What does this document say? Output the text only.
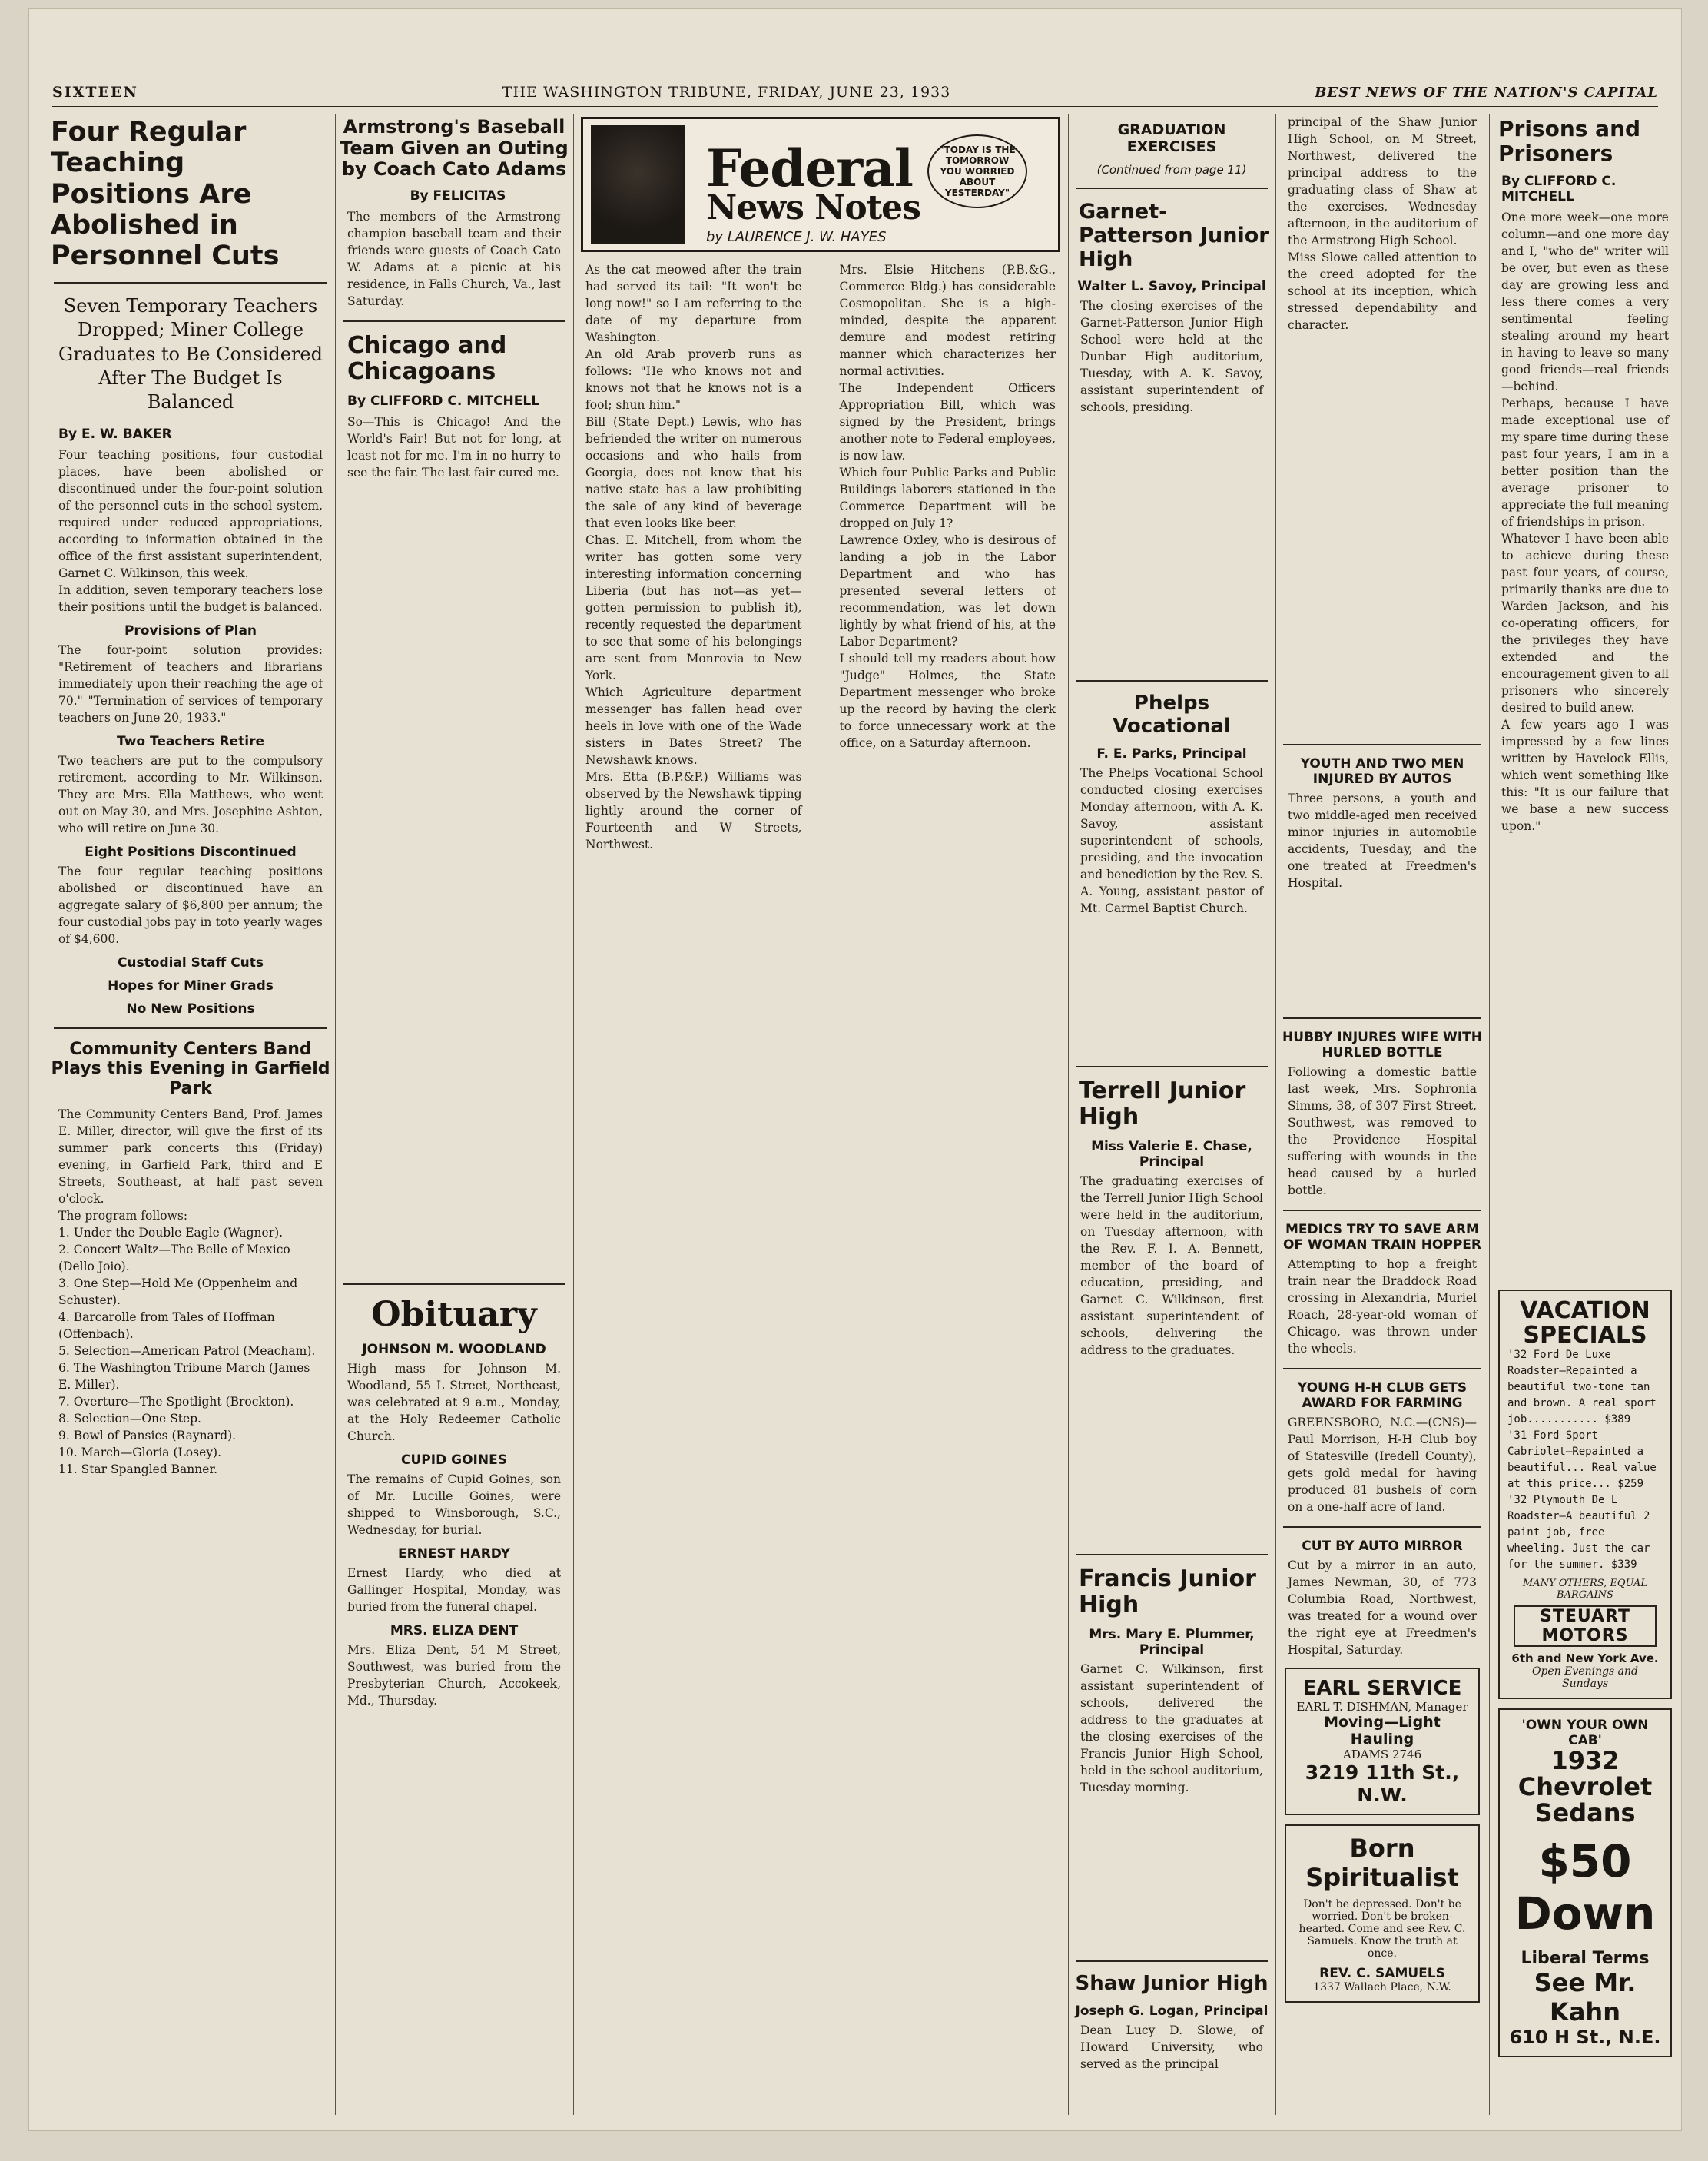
SIXTEEN	THE WASHINGTON TRIBUNE, FRIDAY, JUNE 23, 1933	BEST NEWS OF THE NATION'S CAPITAL
Four Regular Teaching Positions Are Abolished in Personnel Cuts
Seven Temporary Teachers Dropped; Miner College Graduates to Be Considered After The Budget Is Balanced
By E. W. BAKER

Four teaching positions, four custodial places, have been abolished or discontinued under the four-point solution of the personnel cuts in the school system, required under reduced appropriations, according to information obtained in the office of the first assistant superintendent, Garnet C. Wilkinson, this week.

In addition, seven temporary teachers lose their positions until the budget is balanced.

Provisions of Plan

The four-point solution provides: "Retirement of teachers and librarians immediately upon their reaching the age of 70." "Termination of services of temporary teachers on June 20, 1933."

Two Teachers Retire

Two teachers are put to the compulsory retirement, according to Mr. Wilkinson. They are Mrs. Ella Matthews, who went out on May 30, and Mrs. Josephine Ashton, who will retire on June 30.

Eight Positions Discontinued

The four regular teaching positions abolished or discontinued have an aggregate salary of $6,800 per annum; the four custodial jobs pay in toto yearly wages of $4,600.

Custodial Staff Cuts
Hopes for Miner Grads
No New Positions
Community Centers Band Plays this Evening in Garfield Park

The Community Centers Band, Prof. James E. Miller, director, will give the first of its summer park concerts this (Friday) evening, in Garfield Park, third and E Streets, Southeast, at half past seven o'clock.

The program follows:

1. Under the Double Eagle (Wagner).
2. Concert Waltz—The Belle of Mexico (Dello Joio).
3. One Step—Hold Me (Oppenheim and Schuster).
4. Barcarolle from Tales of Hoffman (Offenbach).
5. Selection—American Patrol (Meacham).
6. The Washington Tribune March (James E. Miller).
7. Overture—The Spotlight (Brockton).
8. Selection—One Step.
9. Bowl of Pansies (Raynard).
10. March—Gloria (Losey).
11. Star Spangled Banner.
Armstrong's Baseball Team Given an Outing by Coach Cato Adams
By FELICITAS

The members of the Armstrong champion baseball team and their friends were guests of Coach Cato W. Adams at a picnic at his residence, in Falls Church, Va., last Saturday.

Chicago and Chicagoans
By CLIFFORD C. MITCHELL

So—This is Chicago! And the World's Fair! But not for long, at least not for me. I'm in no hurry to see the fair. The last fair cured me.

Obituary
JOHNSON M. WOODLAND

High mass for Johnson M. Woodland, 55 L Street, Northeast, was celebrated at 9 a.m., Monday, at the Holy Redeemer Catholic Church.

CUPID GOINES

The remains of Cupid Goines, son of Mr. Lucille Goines, were shipped to Winsborough, S.C., Wednesday, for burial.

ERNEST HARDY

Ernest Hardy, who died at Gallinger Hospital, Monday, was buried from the funeral chapel.

MRS. ELIZA DENT

Mrs. Eliza Dent, 54 M Street, Southwest, was buried from the Presbyterian Church, Accokeek, Md., Thursday.

Federal
News Notes
"TODAY IS THE TOMORROW YOU WORRIED ABOUT YESTERDAY"
by LAURENCE J. W. HAYES

As the cat meowed after the train had served its tail: "It won't be long now!" so I am referring to the date of my departure from Washington.

An old Arab proverb runs as follows: "He who knows not and knows not that he knows not is a fool; shun him."

Bill (State Dept.) Lewis, who has befriended the writer on numerous occasions and who hails from Georgia, does not know that his native state has a law prohibiting the sale of any kind of beverage that even looks like beer.

Chas. E. Mitchell, from whom the writer has gotten some very interesting information concerning Liberia (but has not—as yet—gotten permission to publish it), recently requested the department to see that some of his belongings are sent from Monrovia to New York.

Which Agriculture department messenger has fallen head over heels in love with one of the Wade sisters in Bates Street? The Newshawk knows.

Mrs. Etta (B.P.&P.) Williams was observed by the Newshawk tipping lightly around the corner of Fourteenth and W Streets, Northwest.

Mrs. Elsie Hitchens (P.B.&G., Commerce Bldg.) has considerable Cosmopolitan. She is a high-minded, despite the apparent demure and modest retiring manner which characterizes her normal activities.

The Independent Officers Appropriation Bill, which was signed by the President, brings another note to Federal employees, is now law.

Which four Public Parks and Public Buildings laborers stationed in the Commerce Department will be dropped on July 1?

Lawrence Oxley, who is desirous of landing a job in the Labor Department and who has presented several letters of recommendation, was let down lightly by what friend of his, at the Labor Department?

I should tell my readers about how "Judge" Holmes, the State Department messenger who broke up the record by having the clerk to force unnecessary work at the office, on a Saturday afternoon.

GRADUATION EXERCISES
(Continued from page 11)
Garnet-Patterson Junior High
Walter L. Savoy, Principal

The closing exercises of the Garnet-Patterson Junior High School were held at the Dunbar High auditorium, Tuesday, with A. K. Savoy, assistant superintendent of schools, presiding.

Phelps Vocational
F. E. Parks, Principal

The Phelps Vocational School conducted closing exercises Monday afternoon, with A. K. Savoy, assistant superintendent of schools, presiding, and the invocation and benediction by the Rev. S. A. Young, assistant pastor of Mt. Carmel Baptist Church.

Terrell Junior High
Miss Valerie E. Chase, Principal

The graduating exercises of the Terrell Junior High School were held in the auditorium, on Tuesday afternoon, with the Rev. F. I. A. Bennett, member of the board of education, presiding, and Garnet C. Wilkinson, first assistant superintendent of schools, delivering the address to the graduates.

Francis Junior High
Mrs. Mary E. Plummer, Principal

Garnet C. Wilkinson, first assistant superintendent of schools, delivered the address to the graduates at the closing exercises of the Francis Junior High School, held in the school auditorium, Tuesday morning.

Shaw Junior High
Joseph G. Logan, Principal

Dean Lucy D. Slowe, of Howard University, who served as the principal

principal of the Shaw Junior High School, on M Street, Northwest, delivered the principal address to the graduating class of Shaw at the exercises, Wednesday afternoon, in the auditorium of the Armstrong High School.

Miss Slowe called attention to the creed adopted for the school at its inception, which stressed dependability and character.

YOUTH AND TWO MEN INJURED BY AUTOS

Three persons, a youth and two middle-aged men received minor injuries in automobile accidents, Tuesday, and the one treated at Freedmen's Hospital.

HUBBY INJURES WIFE WITH HURLED BOTTLE

Following a domestic battle last week, Mrs. Sophronia Simms, 38, of 307 First Street, Southwest, was removed to the Providence Hospital suffering with wounds in the head caused by a hurled bottle.

MEDICS TRY TO SAVE ARM OF WOMAN TRAIN HOPPER

Attempting to hop a freight train near the Braddock Road crossing in Alexandria, Muriel Roach, 28-year-old woman of Chicago, was thrown under the wheels.

YOUNG H-H CLUB GETS AWARD FOR FARMING

GREENSBORO, N.C.—(CNS)—Paul Morrison, H-H Club boy of Statesville (Iredell County), gets gold medal for having produced 81 bushels of corn on a one-half acre of land.

CUT BY AUTO MIRROR

Cut by a mirror in an auto, James Newman, 30, of 773 Columbia Road, Northwest, was treated for a wound over the right eye at Freedmen's Hospital, Saturday.

EARL SERVICE
EARL T. DISHMAN, Manager
Moving—Light Hauling
ADAMS 2746
3219 11th St., N.W.
Born Spiritualist
Don't be depressed. Don't be worried. Don't be broken-hearted. Come and see Rev. C. Samuels. Know the truth at once.
REV. C. SAMUELS
1337 Wallach Place, N.W.
Prisons and Prisoners
By CLIFFORD C. MITCHELL

One more week—one more column—and one more day and I, "who de" writer will be over, but even as these day are growing less and less there comes a very sentimental feeling stealing around my heart in having to leave so many good friends—real friends—behind.

Perhaps, because I have made exceptional use of my spare time during these past four years, I am in a better position than the average prisoner to appreciate the full meaning of friendships in prison.

Whatever I have been able to achieve during these past four years, of course, primarily thanks are due to Warden Jackson, and his co-operating officers, for the privileges they have extended and the encouragement given to all prisoners who sincerely desired to build anew.

A few years ago I was impressed by a few lines written by Havelock Ellis, which went something like this: "It is our failure that we base a new success upon."

VACATION SPECIALS
'32 Ford De Luxe Roadster—Repainted a beautiful two-tone tan and brown. A real sport job........... $389
'31 Ford Sport Cabriolet—Repainted a beautiful... Real value at this price... $259
'32 Plymouth De L Roadster—A beautiful 2 paint job, free wheeling. Just the car for the summer. $339
MANY OTHERS, EQUAL BARGAINS
STEUART MOTORS
6th and New York Ave.
Open Evenings and Sundays
'OWN YOUR OWN CAB'
1932 Chevrolet Sedans
$50 Down
Liberal Terms
See Mr. Kahn
610 H St., N.E.
